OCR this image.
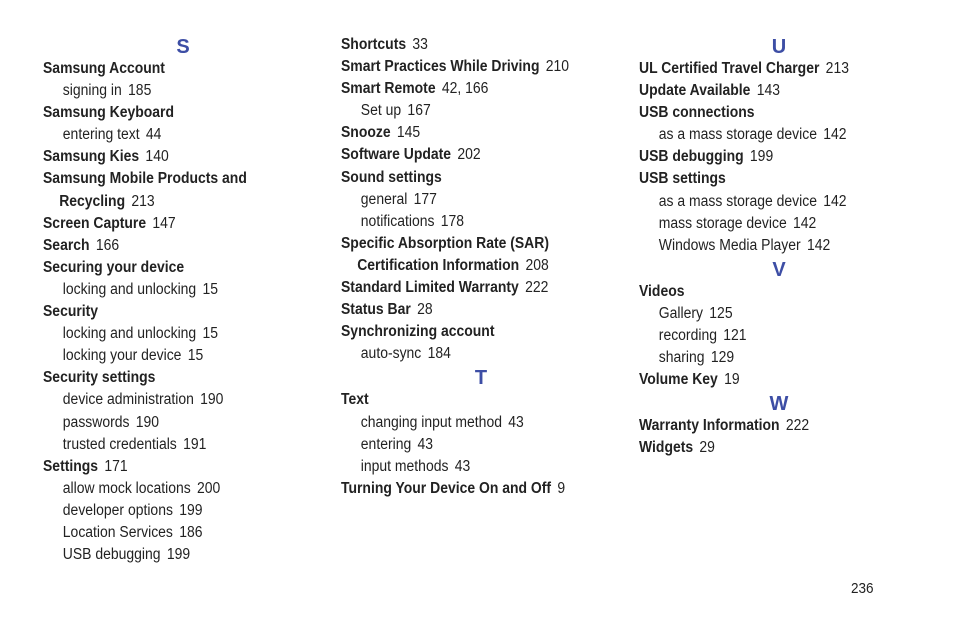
S
Samsung Account
signing in 185
Samsung Keyboard
entering text 44
Samsung Kies 140
Samsung Mobile Products and
Recycling 213
Screen Capture 147
Search 166
Securing your device
locking and unlocking 15
Security
locking and unlocking 15
locking your device 15
Security settings
device administration 190
passwords 190
trusted credentials 191
Settings 171
allow mock locations 200
developer options 199
Location Services 186
USB debugging 199
Shortcuts 33
Smart Practices While Driving 210
Smart Remote 42, 166
Set up 167
Snooze 145
Software Update 202
Sound settings
general 177
notifications 178
Specific Absorption Rate (SAR)
Certification Information 208
Standard Limited Warranty 222
Status Bar 28
Synchronizing account
auto-sync 184
T
Text
changing input method 43
entering 43
input methods 43
Turning Your Device On and Off 9
U
UL Certified Travel Charger 213
Update Available 143
USB connections
as a mass storage device 142
USB debugging 199
USB settings
as a mass storage device 142
mass storage device 142
Windows Media Player 142
V
Videos
Gallery 125
recording 121
sharing 129
Volume Key 19
W
Warranty Information 222
Widgets 29
236
